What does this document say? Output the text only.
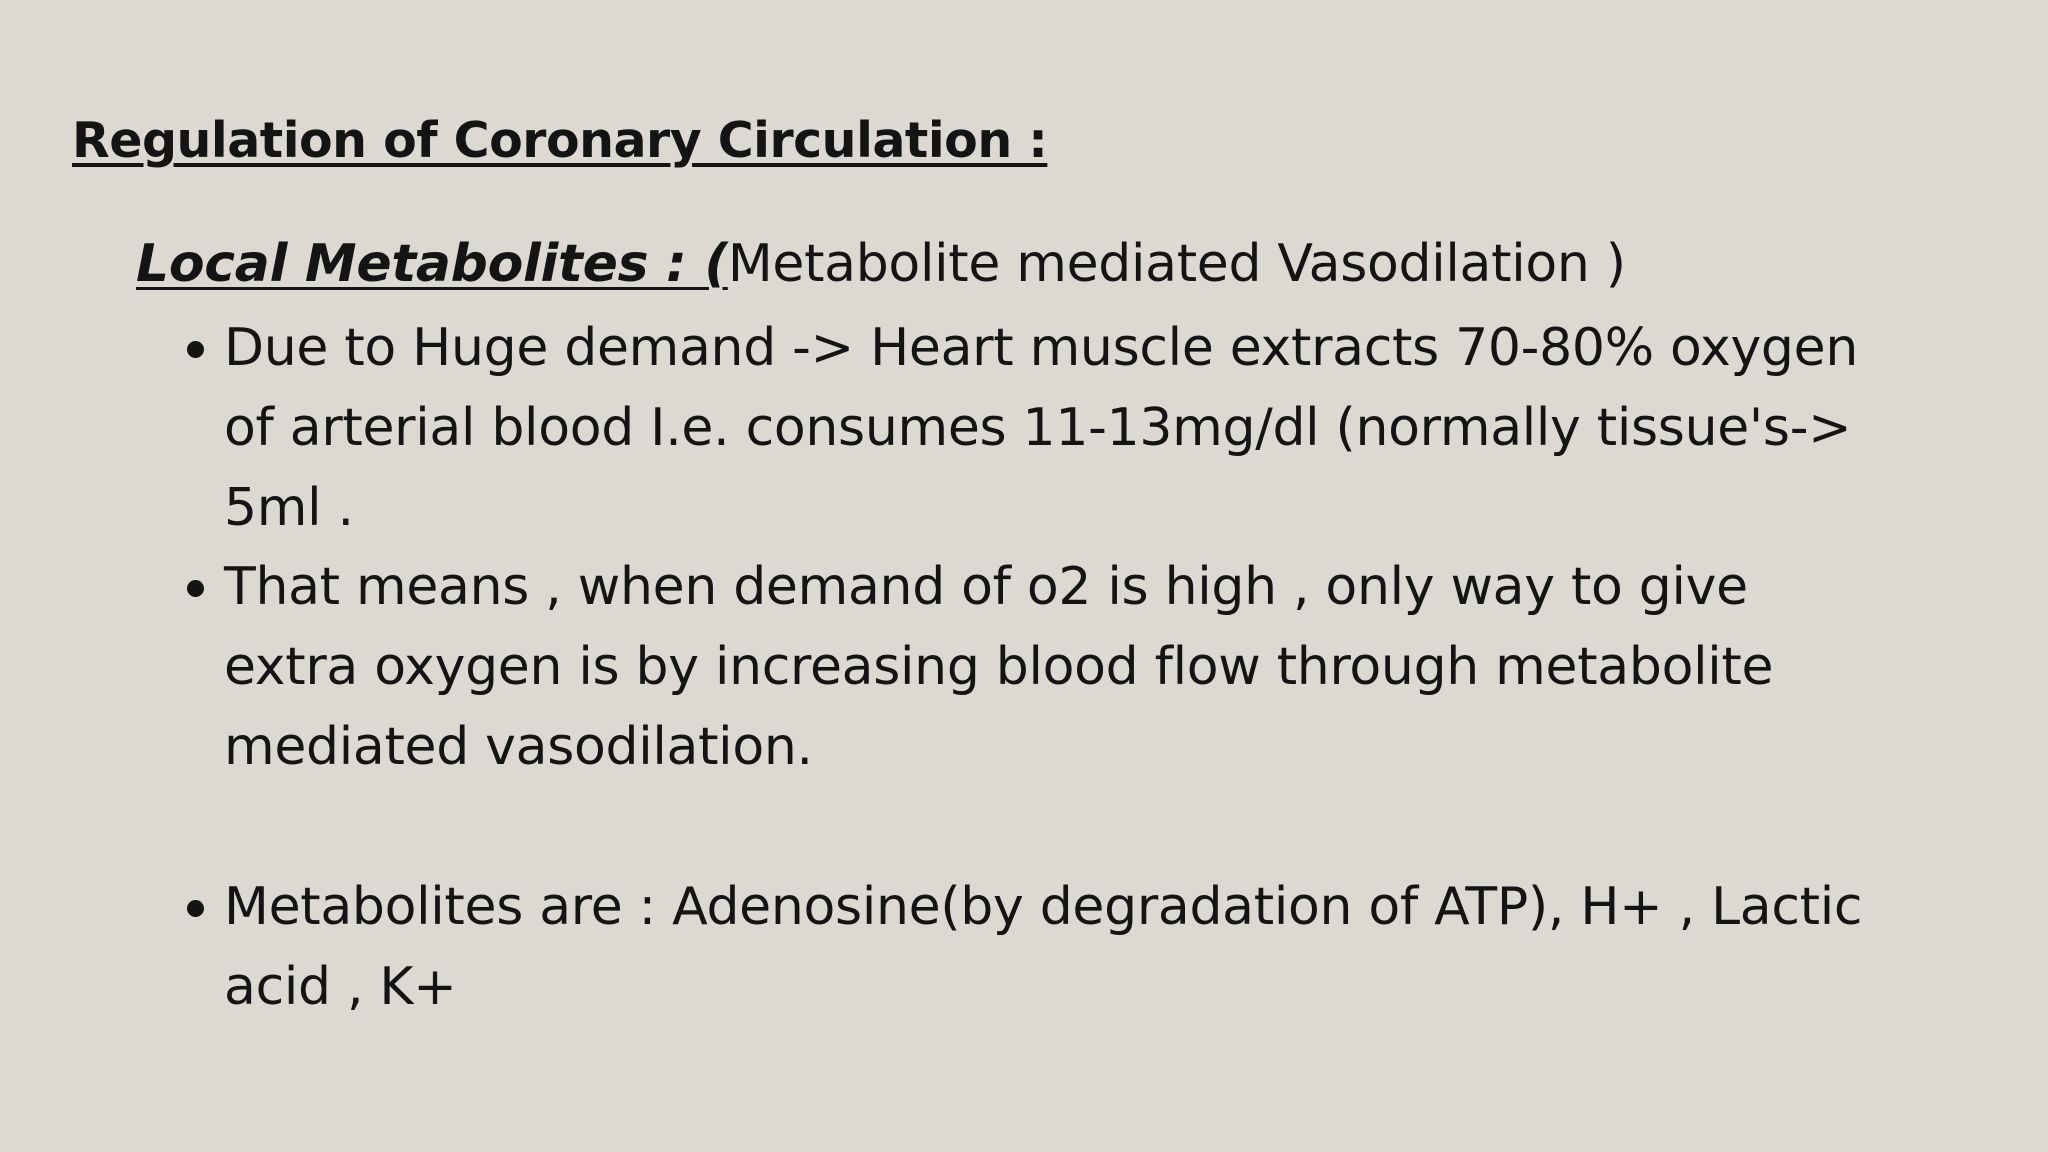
Regulation of Coronary Circulation :
Local Metabolites : (Metabolite mediated Vasodilation )
Due to Huge demand -> Heart muscle extracts 70-80% oxygen of arterial blood I.e. consumes 11-13mg/dl (normally tissue's-> 5ml .
That means , when demand of o2 is high , only way to give extra oxygen is by increasing blood flow through metabolite mediated vasodilation.
Metabolites are : Adenosine(by degradation of ATP), H+ , Lactic acid , K+
